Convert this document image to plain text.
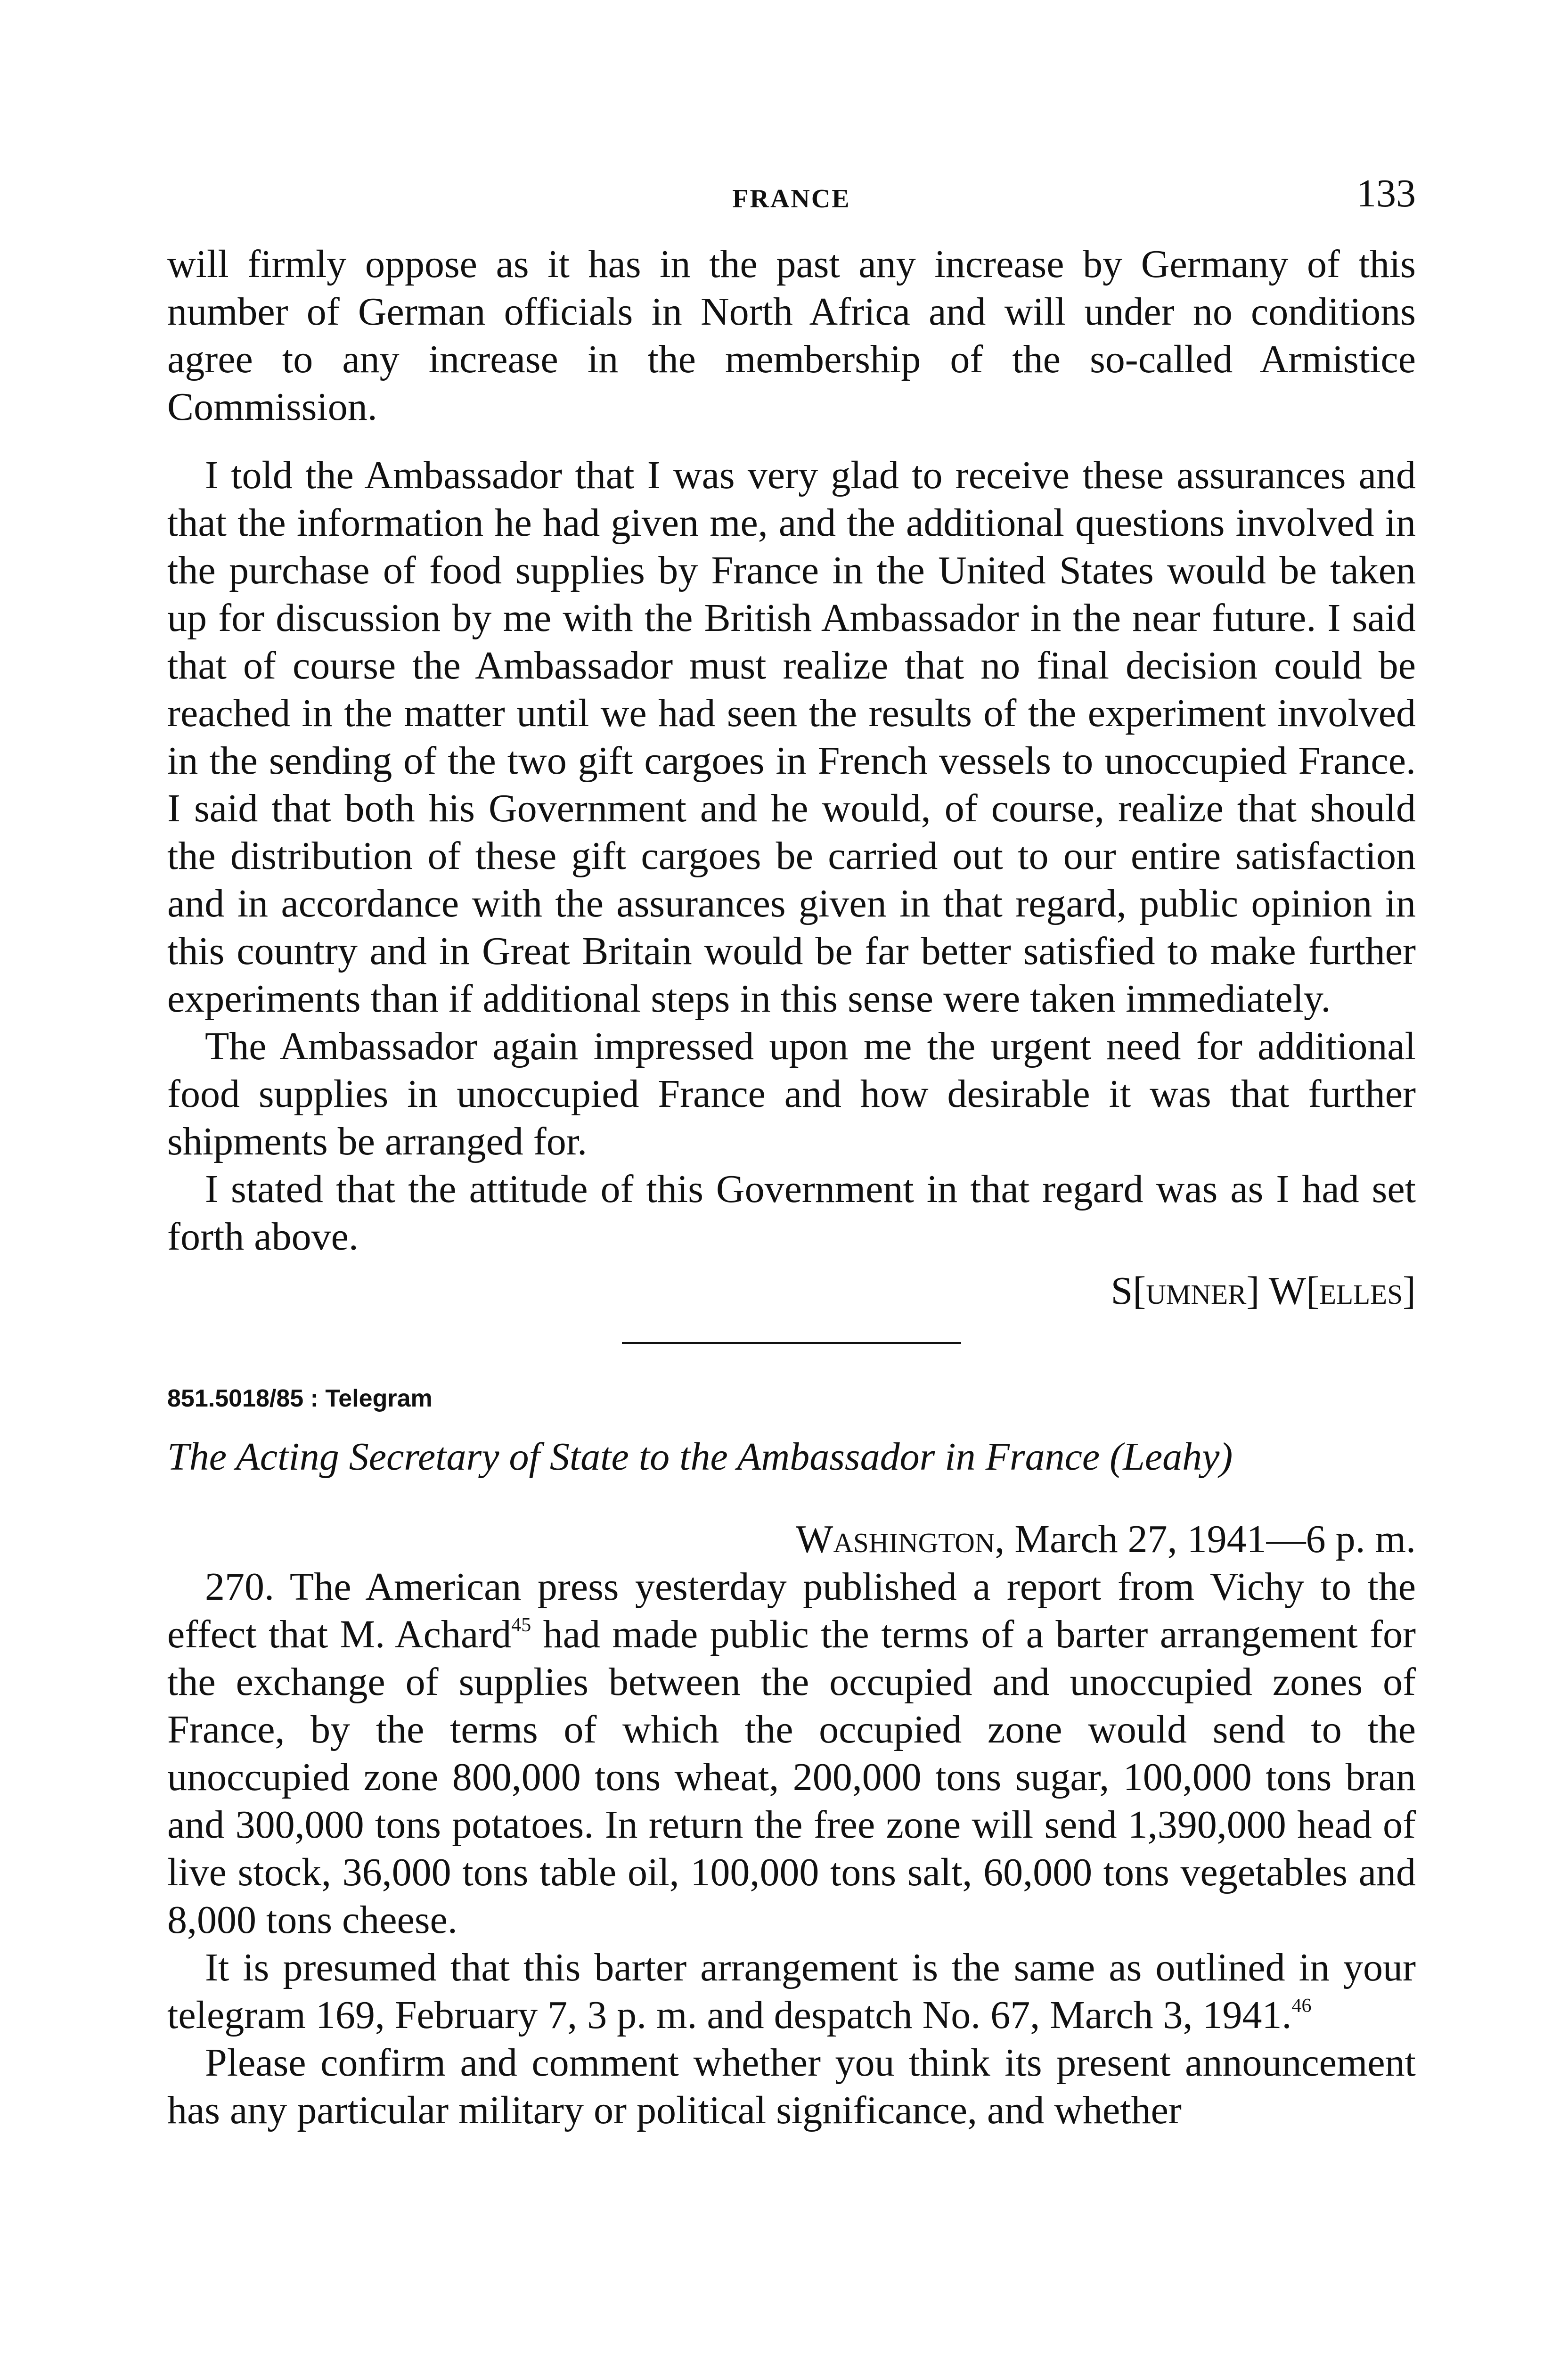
FRANCE	133

will firmly oppose as it has in the past any increase by Germany of this number of German officials in North Africa and will under no conditions agree to any increase in the membership of the so-called Armistice Commission.

I told the Ambassador that I was very glad to receive these assurances and that the information he had given me, and the additional questions involved in the purchase of food supplies by France in the United States would be taken up for discussion by me with the British Ambassador in the near future. I said that of course the Ambassador must realize that no final decision could be reached in the matter until we had seen the results of the experiment involved in the sending of the two gift cargoes in French vessels to unoccupied France. I said that both his Government and he would, of course, realize that should the distribution of these gift cargoes be carried out to our entire satisfaction and in accordance with the assurances given in that regard, public opinion in this country and in Great Britain would be far better satisfied to make further experiments than if additional steps in this sense were taken immediately.

The Ambassador again impressed upon me the urgent need for additional food supplies in unoccupied France and how desirable it was that further shipments be arranged for.

I stated that the attitude of this Government in that regard was as I had set forth above.

S[umner] W[elles]

851.5018/85 : Telegram

The Acting Secretary of State to the Ambassador in France (Leahy)

Washington, March 27, 1941—6 p. m.

270. The American press yesterday published a report from Vichy to the effect that M. Achard$^{45}$ had made public the terms of a barter arrangement for the exchange of supplies between the occupied and unoccupied zones of France, by the terms of which the occupied zone would send to the unoccupied zone 800,000 tons wheat, 200,000 tons sugar, 100,000 tons bran and 300,000 tons potatoes. In return the free zone will send 1,390,000 head of live stock, 36,000 tons table oil, 100,000 tons salt, 60,000 tons vegetables and 8,000 tons cheese.

It is presumed that this barter arrangement is the same as outlined in your telegram 169, February 7, 3 p. m. and despatch No. 67, March 3, 1941.46

Please confirm and comment whether you think its present announcement has any particular military or political significance, and whether
